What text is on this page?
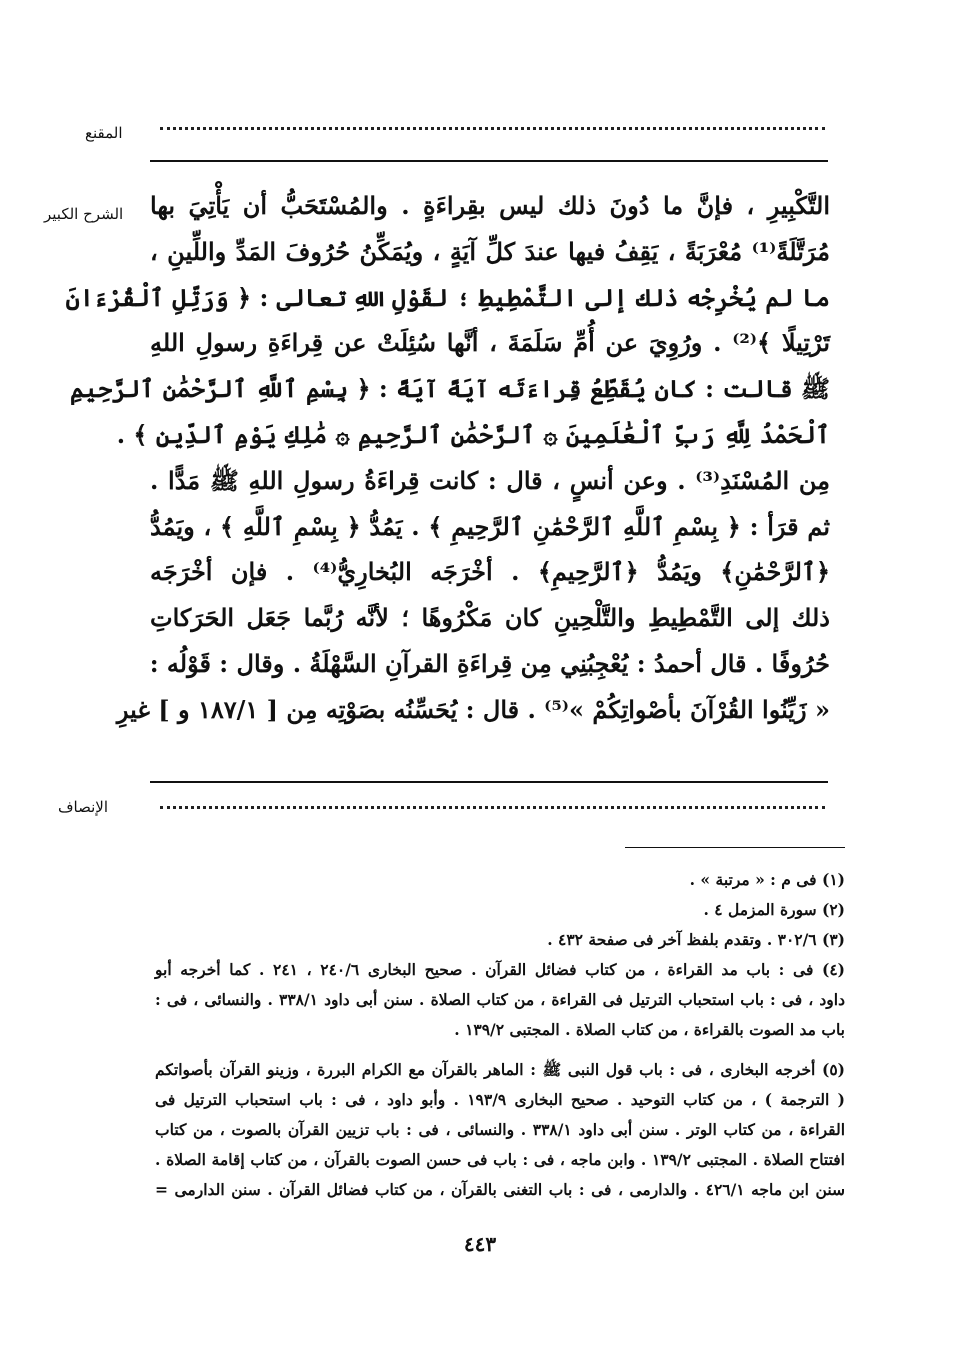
المقنع
الشرح الكبير التَّكْبِيرِ ، فإنَّ ما دُونَ ذلك ليس بقِراءَةٍ . والمُسْتَحَبُّ أن يَأْتِيَ بها
مُرَتَّلَةً⁽¹⁾ مُعْرَبَةً ، يَقِفُ فيها عندَ كلِّ آيَةٍ ، ويُمَكِّنُ حُرُوفَ المَدِّ واللِّينِ ،
ما لم يُخْرِجْه ذلك إلى التَّمْطِيطِ ؛ لقَوْلِ اللهِ تعالى : ﴿ وَرَتِّلِ ٱلْقُرْءَانَ
تَرْتِيلًا ﴾⁽²⁾ . ورُوِيَ عن أُمِّ سَلَمَةَ ، أنَّها سُئِلَتْ عن قِراءَةِ رسولِ اللهِ
ﷺ قالت : كان يُقَطِّعُ قِراءَتَه آيَةً آيَةً : ﴿ بِسْمِ ٱللَّهِ ٱلرَّحْمَٰنِ ٱلرَّحِيمِ
ٱلْحَمْدُ لِلَّهِ رَبِّ ٱلْعَٰلَمِينَ ۞ ٱلرَّحْمَٰنِ ٱلرَّحِيمِ ۞ مَٰلِكِ يَوْمِ ٱلدِّينِ ﴾ .
مِن المُسْنَدِ⁽³⁾ . وعن أنسٍ ، قال : كانت قِراءَةُ رسولِ اللهِ ﷺ مَدًّا .
ثم قرَأ : ﴿ بِسْمِ ٱللَّهِ ٱلرَّحْمَٰنِ ٱلرَّحِيمِ ﴾ . يَمُدُّ ﴿ بِسْمِ ٱللَّهِ ﴾ ، ويَمُدُّ
﴿ٱلرَّحْمَٰنِ﴾ ويَمُدُّ ﴿ٱلرَّحِيمِ﴾ . أخْرَجَه البُخارِيُّ⁽⁴⁾ . فإن أخْرَجَه
ذلك إلى التَّمْطِيطِ والتَّلْحِينِ كان مَكْرُوهًا ؛ لأنَّه رُبَّما جَعَل الحَرَكاتِ
حُرُوفًا . قال أحمدُ : يُعْجِبُنِي مِن قِراءَةِ القرآنِ السَّهْلَةُ . وقال : قَوْلُه :
« زَيِّنُوا القُرْآنَ بأصْواتِكُمْ »⁽⁵⁾ . قال : يُحَسِّنُه بصَوْتِه مِن [ ١٨٧/١ و ] غيرِ
الإنصاف
(١) فى م : « مرتبة » .
(٢) سورة المزمل ٤ .
(٣) ٣٠٢/٦ . وتقدم بلفظ آخر فى صفحة ٤٣٢ .
(٤) فى : باب مد القراءة ، من كتاب فضائل القرآن . صحيح البخارى ٢٤٠/٦ ، ٢٤١ . كما أخرجه أبو
داود ، فى : باب استحباب الترتيل فى القراءة ، من كتاب الصلاة . سنن أبى داود ٣٣٨/١ . والنسائى ، فى :
باب مد الصوت بالقراءة ، من كتاب الصلاة . المجتبى ١٣٩/٢ .
(٥) أخرجه البخارى ، فى : باب قول النبى ﷺ : الماهر بالقرآن مع الكرام البررة ، وزينو القرآن بأصواتكم
( الترجمة ) ، من كتاب التوحيد . صحيح البخارى ١٩٣/٩ . وأبو داود ، فى : باب استحباب الترتيل فى
القراءة ، من كتاب الوتر . سنن أبى داود ٣٣٨/١ . والنسائى ، فى : باب تزيين القرآن بالصوت ، من كتاب
افتتاح الصلاة . المجتبى ١٣٩/٢ . وابن ماجه ، فى : باب فى حسن الصوت بالقرآن ، من كتاب إقامة الصلاة .
سنن ابن ماجه ٤٢٦/١ . والدارمى ، فى : باب التغنى بالقرآن ، من كتاب فضائل القرآن . سنن الدارمى =
٤٤٣
